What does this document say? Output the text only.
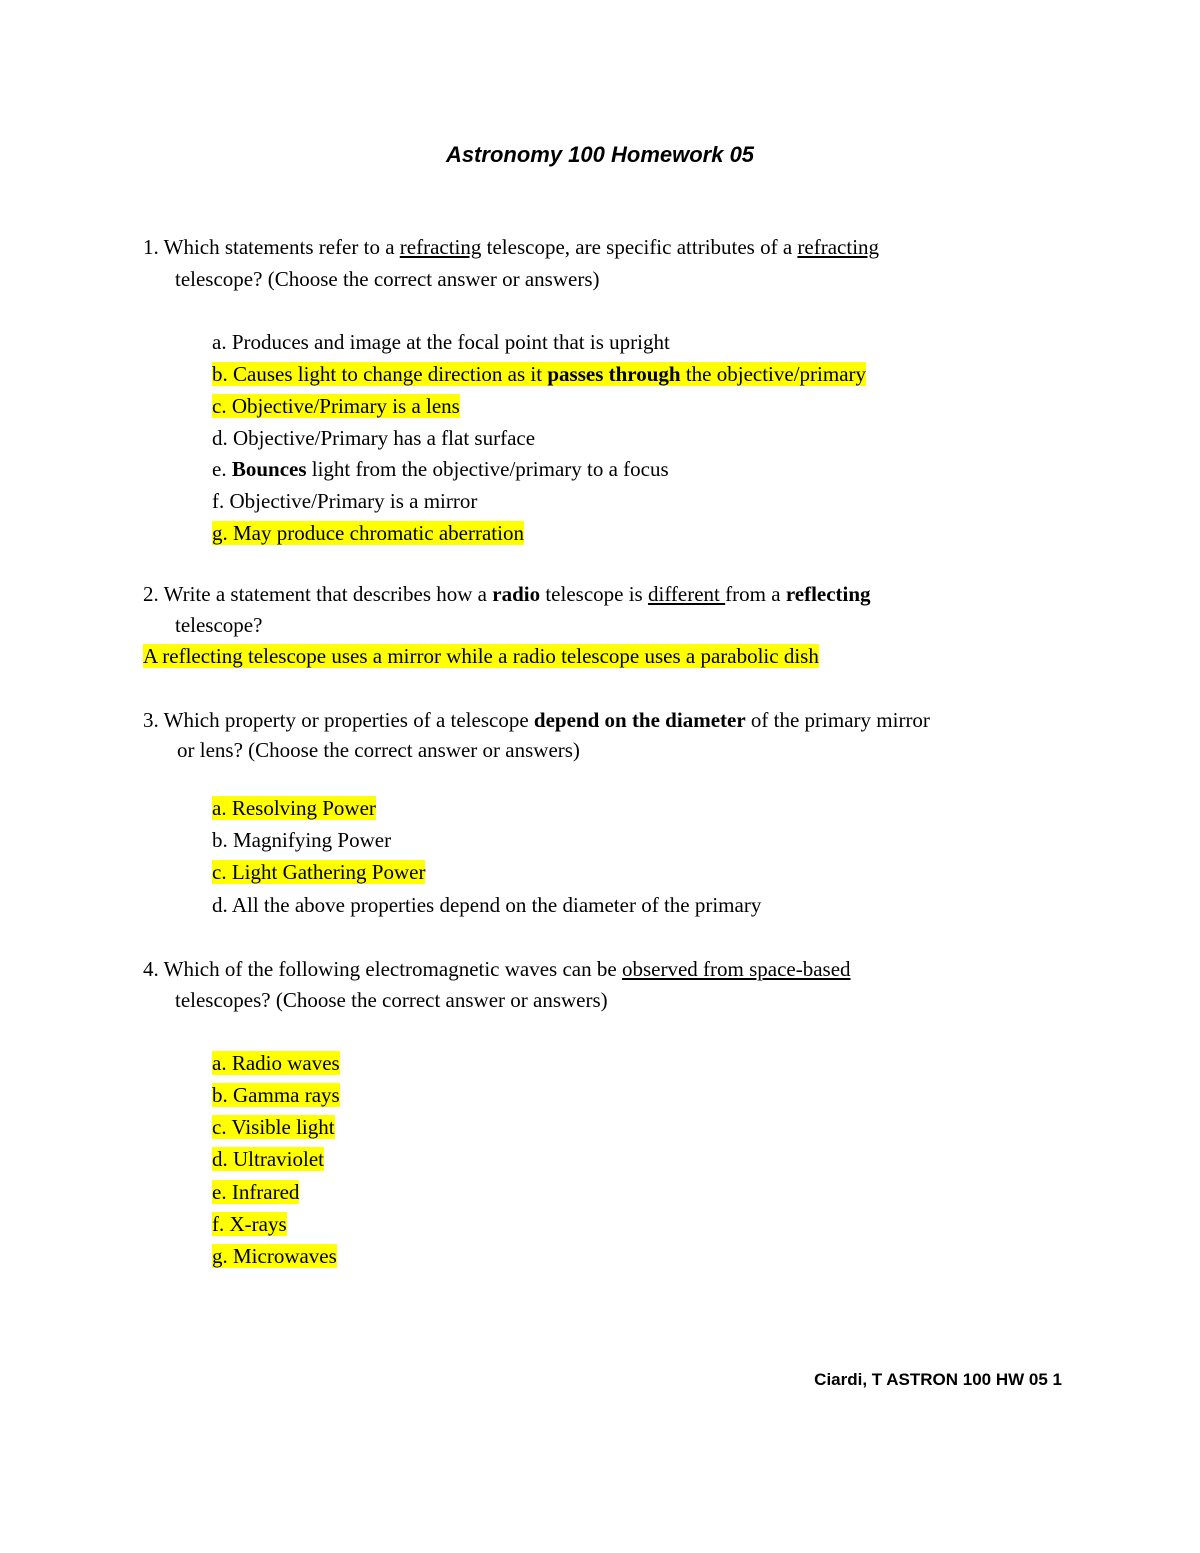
Astronomy 100 Homework 05
1. Which statements refer to a refracting telescope, are specific attributes of a refracting
telescope? (Choose the correct answer or answers)
a. Produces and image at the focal point that is upright
b. Causes light to change direction as it passes through the objective/primary
c. Objective/Primary is a lens
d. Objective/Primary has a flat surface
e. Bounces light from the objective/primary to a focus
f. Objective/Primary is a mirror
g. May produce chromatic aberration
2. Write a statement that describes how a radio telescope is different from a reflecting
telescope?
A reflecting telescope uses a mirror while a radio telescope uses a parabolic dish
3. Which property or properties of a telescope depend on the diameter of the primary mirror
or lens? (Choose the correct answer or answers)
a. Resolving Power
b. Magnifying Power
c. Light Gathering Power
d. All the above properties depend on the diameter of the primary
4. Which of the following electromagnetic waves can be observed from space-based
telescopes? (Choose the correct answer or answers)
a. Radio waves
b. Gamma rays
c. Visible light
d. Ultraviolet
e. Infrared
f. X-rays
g. Microwaves
Ciardi, T ASTRON 100 HW 05 1
